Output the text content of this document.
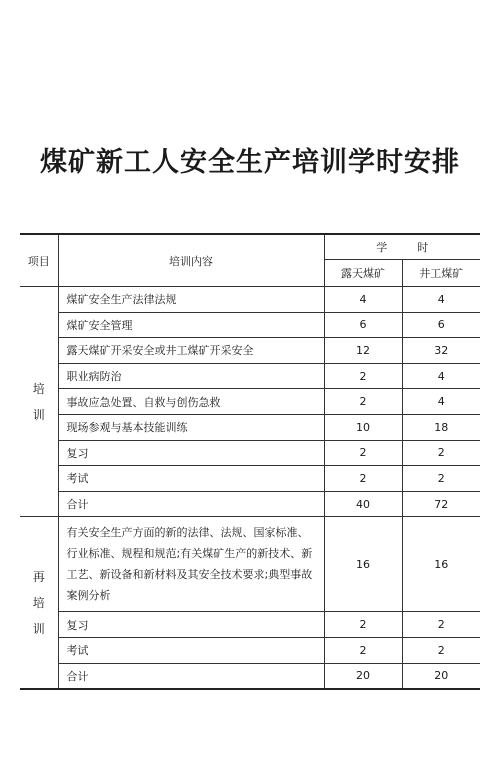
煤矿新工人安全生产培训学时安排
项目	培训内容	学时	
		露天煤矿	井工煤矿

培
训	煤矿安全生产法律法规	4	4
	煤矿安全管理	6	6
	露天煤矿开采安全或井工煤矿开采安全	12	32
	职业病防治	2	4
	事故应急处置、自救与创伤急救	2	4
	现场参观与基本技能训练	10	18
	复习	2	2
	考试	2	2
	合计	40	72

再
培
训	有关安全生产方面的新的法律、法规、国家标准、行业标准、规程和规范;有关煤矿生产的新技术、新工艺、新设备和新材料及其安全技术要求;典型事故案例分析	16	16
	复习	2	2
	考试	2	2
	合计	20	20
